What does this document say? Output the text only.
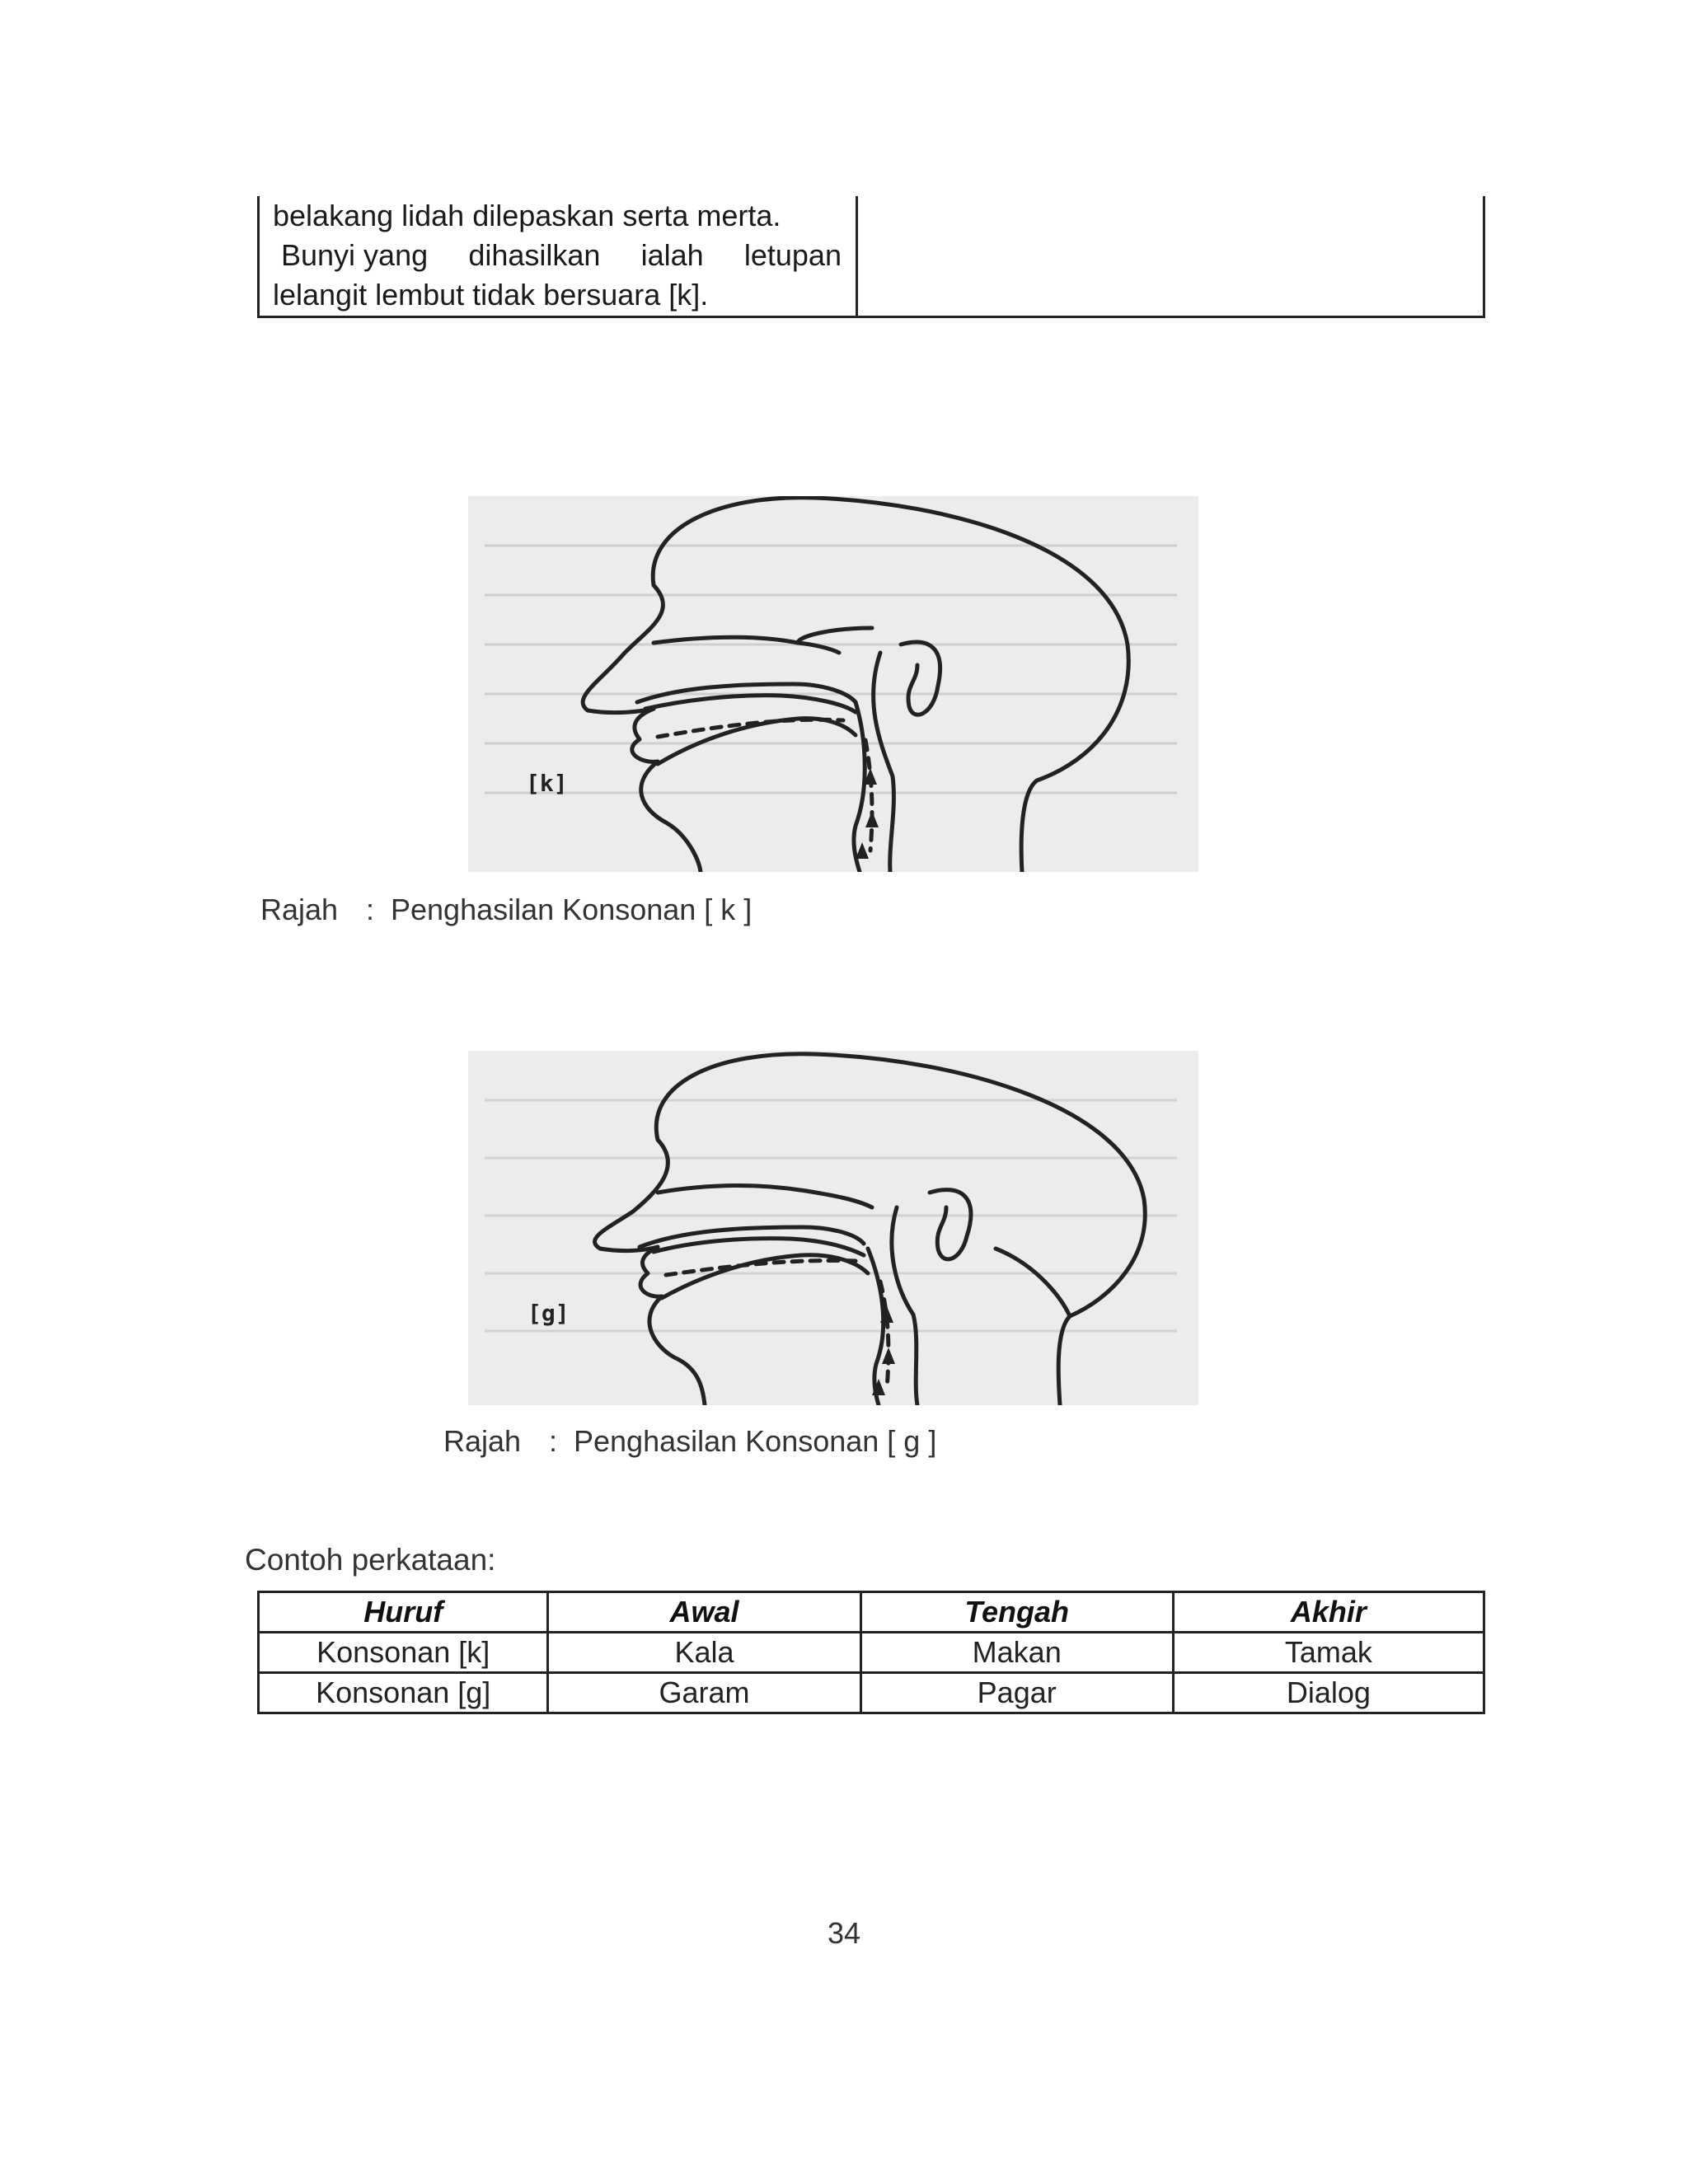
belakang lidah dilepaskan serta merta.
Bunyi yang dihasilkan ialah letupan
lelangit lembut tidak bersuara [k].
[k]
Rajah : Penghasilan Konsonan [ k ]
[g]
Rajah : Penghasilan Konsonan [ g ]
Contoh perkataan:
Huruf	Awal	Tengah	Akhir
Konsonan [k]	Kala	Makan	Tamak
Konsonan [g]	Garam	Pagar	Dialog
34
